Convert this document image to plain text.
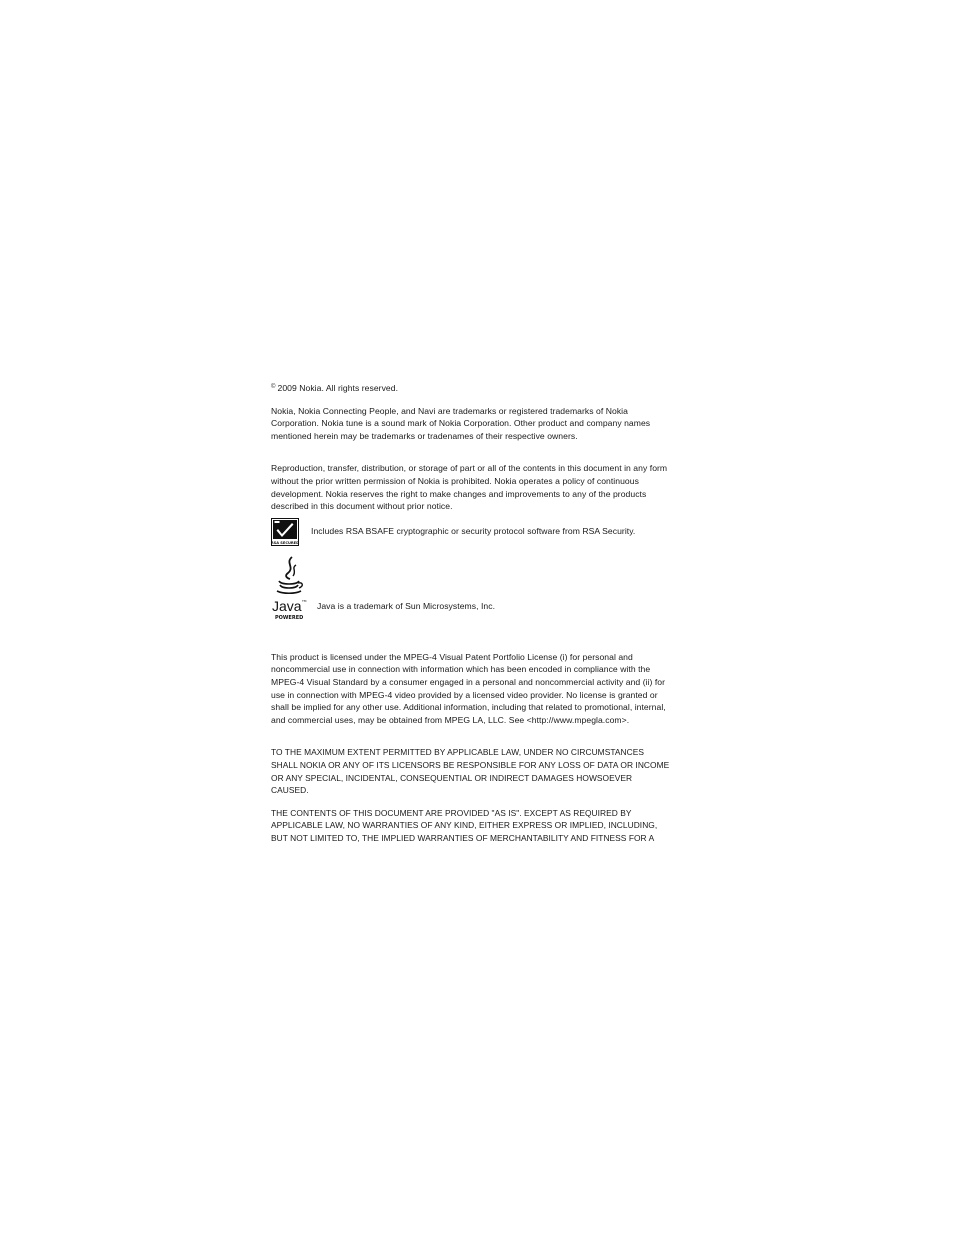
© 2009 Nokia. All rights reserved.

Nokia, Nokia Connecting People, and Navi are trademarks or registered trademarks of Nokia Corporation. Nokia tune is a sound mark of Nokia Corporation. Other product and company names mentioned herein may be trademarks or tradenames of their respective owners.

Reproduction, transfer, distribution, or storage of part or all of the contents in this document in any form without the prior written permission of Nokia is prohibited. Nokia operates a policy of continuous development. Nokia reserves the right to make changes and improvements to any of the products described in this document without prior notice.

RSA SECURED
Includes RSA BSAFE cryptographic or security protocol software from RSA Security.
Java TM
POWERED
Java is a trademark of Sun Microsystems, Inc.

This product is licensed under the MPEG-4 Visual Patent Portfolio License (i) for personal and noncommercial use in connection with information which has been encoded in compliance with the MPEG-4 Visual Standard by a consumer engaged in a personal and noncommercial activity and (ii) for use in connection with MPEG-4 video provided by a licensed video provider. No license is granted or shall be implied for any other use. Additional information, including that related to promotional, internal, and commercial uses, may be obtained from MPEG LA, LLC. See <http://www.mpegla.com>.

TO THE MAXIMUM EXTENT PERMITTED BY APPLICABLE LAW, UNDER NO CIRCUMSTANCES SHALL NOKIA OR ANY OF ITS LICENSORS BE RESPONSIBLE FOR ANY LOSS OF DATA OR INCOME OR ANY SPECIAL, INCIDENTAL, CONSEQUENTIAL OR INDIRECT DAMAGES HOWSOEVER CAUSED.

THE CONTENTS OF THIS DOCUMENT ARE PROVIDED "AS IS". EXCEPT AS REQUIRED BY APPLICABLE LAW, NO WARRANTIES OF ANY KIND, EITHER EXPRESS OR IMPLIED, INCLUDING, BUT NOT LIMITED TO, THE IMPLIED WARRANTIES OF MERCHANTABILITY AND FITNESS FOR A
